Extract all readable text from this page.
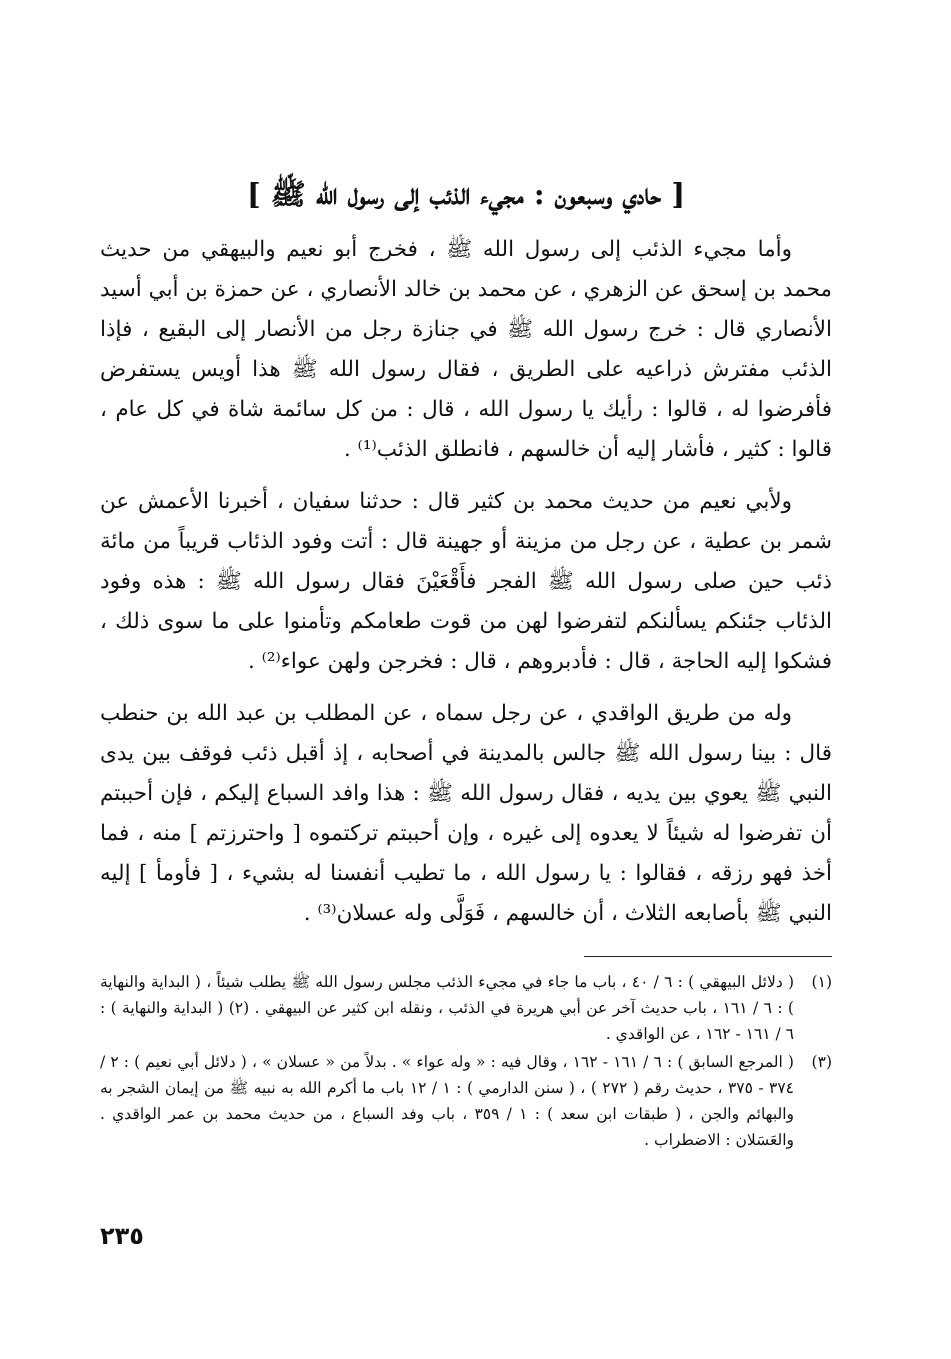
[ حادي وسبعون : مجيء الذئب إلى رسول الله ﷺ ]

وأما مجيء الذئب إلى رسول الله ﷺ ، فخرج أبو نعيم والبيهقي من حديث محمد بن إسحق عن الزهري ، عن محمد بن خالد الأنصاري ، عن حمزة بن أبي أسيد الأنصاري قال : خرج رسول الله ﷺ في جنازة رجل من الأنصار إلى البقيع ، فإذا الذئب مفترش ذراعيه على الطريق ، فقال رسول الله ﷺ هذا أويس يستفرض فأفرضوا له ، قالوا : رأيك يا رسول الله ، قال : من كل سائمة شاة في كل عام ، قالوا : كثير ، فأشار إليه أن خالسهم ، فانطلق الذئب⁽¹⁾ .

ولأبي نعيم من حديث محمد بن كثير قال : حدثنا سفيان ، أخبرنا الأعمش عن شمر بن عطية ، عن رجل من مزينة أو جهينة قال : أتت وفود الذئاب قريباً من مائة ذئب حين صلى رسول الله ﷺ الفجر فأَقْعَيْنَ فقال رسول الله ﷺ : هذه وفود الذئاب جئنكم يسألنكم لتفرضوا لهن من قوت طعامكم وتأمنوا على ما سوى ذلك ، فشكوا إليه الحاجة ، قال : فأدبروهم ، قال : فخرجن ولهن عواء⁽²⁾ .

وله من طريق الواقدي ، عن رجل سماه ، عن المطلب بن عبد الله بن حنطب قال : بينا رسول الله ﷺ جالس بالمدينة في أصحابه ، إذ أقبل ذئب فوقف بين يدى النبي ﷺ يعوي بين يديه ، فقال رسول الله ﷺ : هذا وافد السباع إليكم ، فإن أحببتم أن تفرضوا له شيئاً لا يعدوه إلى غيره ، وإن أحببتم تركتموه [ واحترزتم ] منه ، فما أخذ فهو رزقه ، فقالوا : يا رسول الله ، ما تطيب أنفسنا له بشيء ، [ فأومأ ] إليه النبي ﷺ بأصابعه الثلاث ، أن خالسهم ، فَوَلَّى وله عسلان⁽³⁾ .

(١)
( دلائل البيهقي ) : ٦ / ٤٠ ، باب ما جاء في مجيء الذئب مجلس رسول الله ﷺ يطلب شيئاً ، ( البداية والنهاية ) : ٦ / ١٦١ ، باب حديث آخر عن أبي هريرة في الذئب ، ونقله ابن كثير عن البيهقي . (٢) ( البداية والنهاية ) : ٦ / ١٦١ - ١٦٢ ، عن الواقدي .
(٣)
( المرجع السابق ) : ٦ / ١٦١ - ١٦٢ ، وقال فيه : « وله عواء » . بدلاً من « عسلان » ، ( دلائل أبي نعيم ) : ٢ / ٣٧٤ - ٣٧٥ ، حديث رقم ( ٢٧٢ ) ، ( سنن الدارمي ) : ١ / ١٢ باب ما أكرم الله به نبيه ﷺ من إيمان الشجر به والبهائم والجن ، ( طبقات ابن سعد ) : ١ / ٣٥٩ ، باب وفد السباع ، من حديث محمد بن عمر الواقدي . والعَسَلان : الاضطراب .
٢٣٥
